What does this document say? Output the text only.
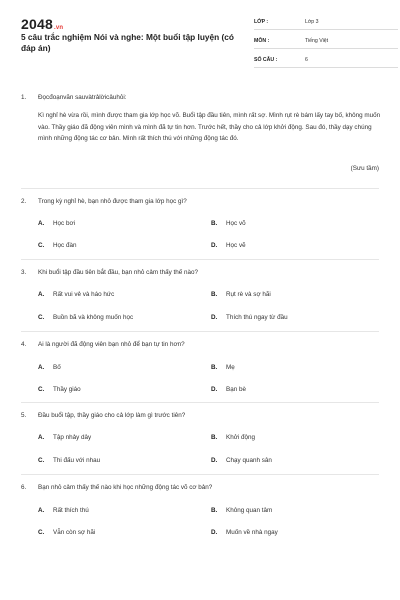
2048.vn
5 câu trắc nghiệm Nói và nghe: Một buổi tập luyện (có đáp án)
LỚP :	Lớp 3
MÔN :	Tiếng Việt
SỐ CÂU :	6
1. Đọcđoạnvăn sauvàtrảlờicâuhỏi:
Kì nghỉ hè vừa rồi, mình được tham gia lớp học võ. Buổi tập đầu tiên, mình rất sợ. Mình rụt rè bám lấy tay bố, không muốn vào. Thầy giáo đã động viên mình và mình đã tự tin hơn. Trước hết, thầy cho cả lớp khởi động. Sau đó, thầy dạy chúng mình những động tác cơ bản. Mình rất thích thú với những động tác đó.
(Sưu tầm)
2. Trong kỳ nghỉ hè, bạn nhỏ được tham gia lớp học gì?
A. Học bơi	B. Học võ
C. Học đàn	D. Học vẽ
3. Khi buổi tập đầu tiên bắt đầu, bạn nhỏ cảm thấy thế nào?
A. Rất vui vẻ và háo hức	B. Rụt rè và sợ hãi
C. Buồn bã và không muốn học	D. Thích thú ngay từ đầu
4. Ai là người đã động viên bạn nhỏ để bạn tự tin hơn?
A. Bố	B. Mẹ
C. Thầy giáo	D. Bạn bè
5. Đầu buổi tập, thầy giáo cho cả lớp làm gì trước tiên?
A. Tập nhảy dây	B. Khởi động
C. Thi đấu với nhau	D. Chạy quanh sân
6. Bạn nhỏ cảm thấy thế nào khi học những động tác võ cơ bản?
A. Rất thích thú	B. Không quan tâm
C. Vẫn còn sợ hãi	D. Muốn về nhà ngay
